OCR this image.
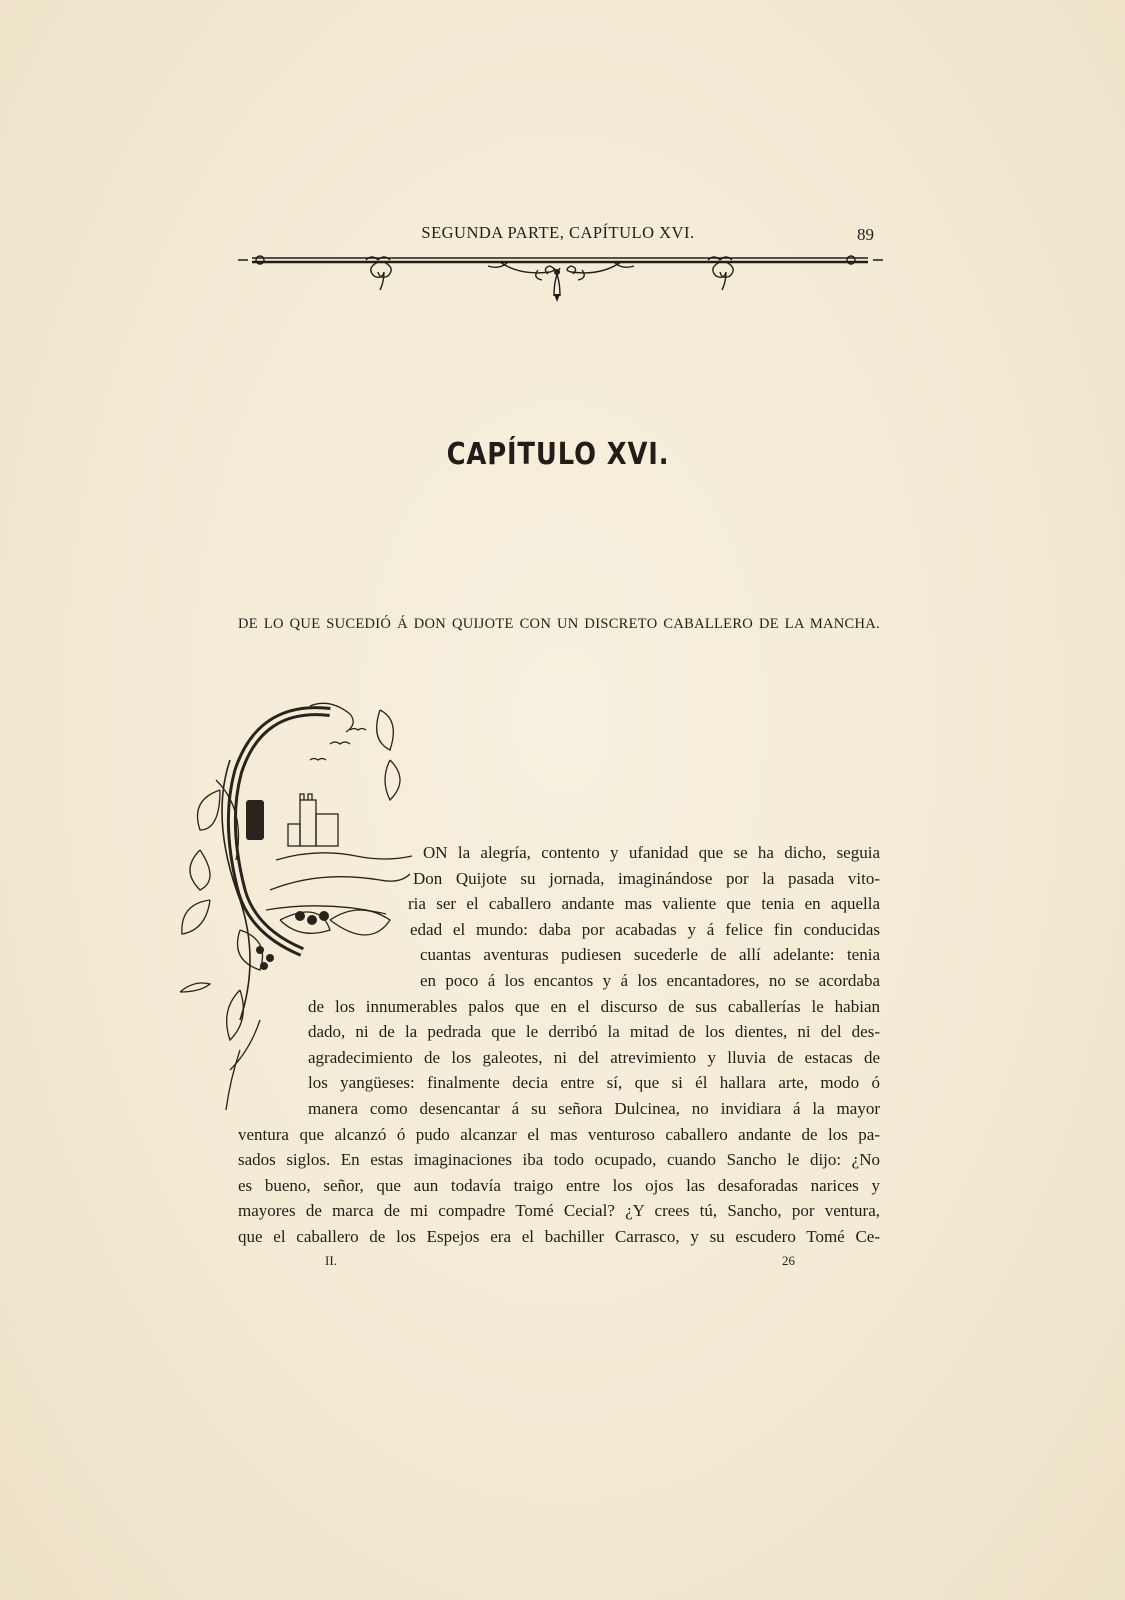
SEGUNDA PARTE, CAPÍTULO XVI.	89
CAPÍTULO XVI.
DE LO QUE SUCEDIÓ Á DON QUIJOTE CON UN DISCRETO CABALLERO DE LA MANCHA.
ON la alegría, contento y ufanidad que se ha dicho, seguia
Don Quijote su jornada, imaginándose por la pasada vito-
ria ser el caballero andante mas valiente que tenia en aquella
edad el mundo: daba por acabadas y á felice fin conducidas
cuantas aventuras pudiesen sucederle de allí adelante: tenia
en poco á los encantos y á los encantadores, no se acordaba
de los innumerables palos que en el discurso de sus caballerías le habian
dado, ni de la pedrada que le derribó la mitad de los dientes, ni del des-
agradecimiento de los galeotes, ni del atrevimiento y lluvia de estacas de
los yangüeses: finalmente decia entre sí, que si él hallara arte, modo ó
manera como desencantar á su señora Dulcinea, no invidiara á la mayor
ventura que alcanzó ó pudo alcanzar el mas venturoso caballero andante de los pa-
sados siglos. En estas imaginaciones iba todo ocupado, cuando Sancho le dijo: ¿No
es bueno, señor, que aun todavía traigo entre los ojos las desaforadas narices y
mayores de marca de mi compadre Tomé Cecial? ¿Y crees tú, Sancho, por ventura,
que el caballero de los Espejos era el bachiller Carrasco, y su escudero Tomé Ce-
II.	26
